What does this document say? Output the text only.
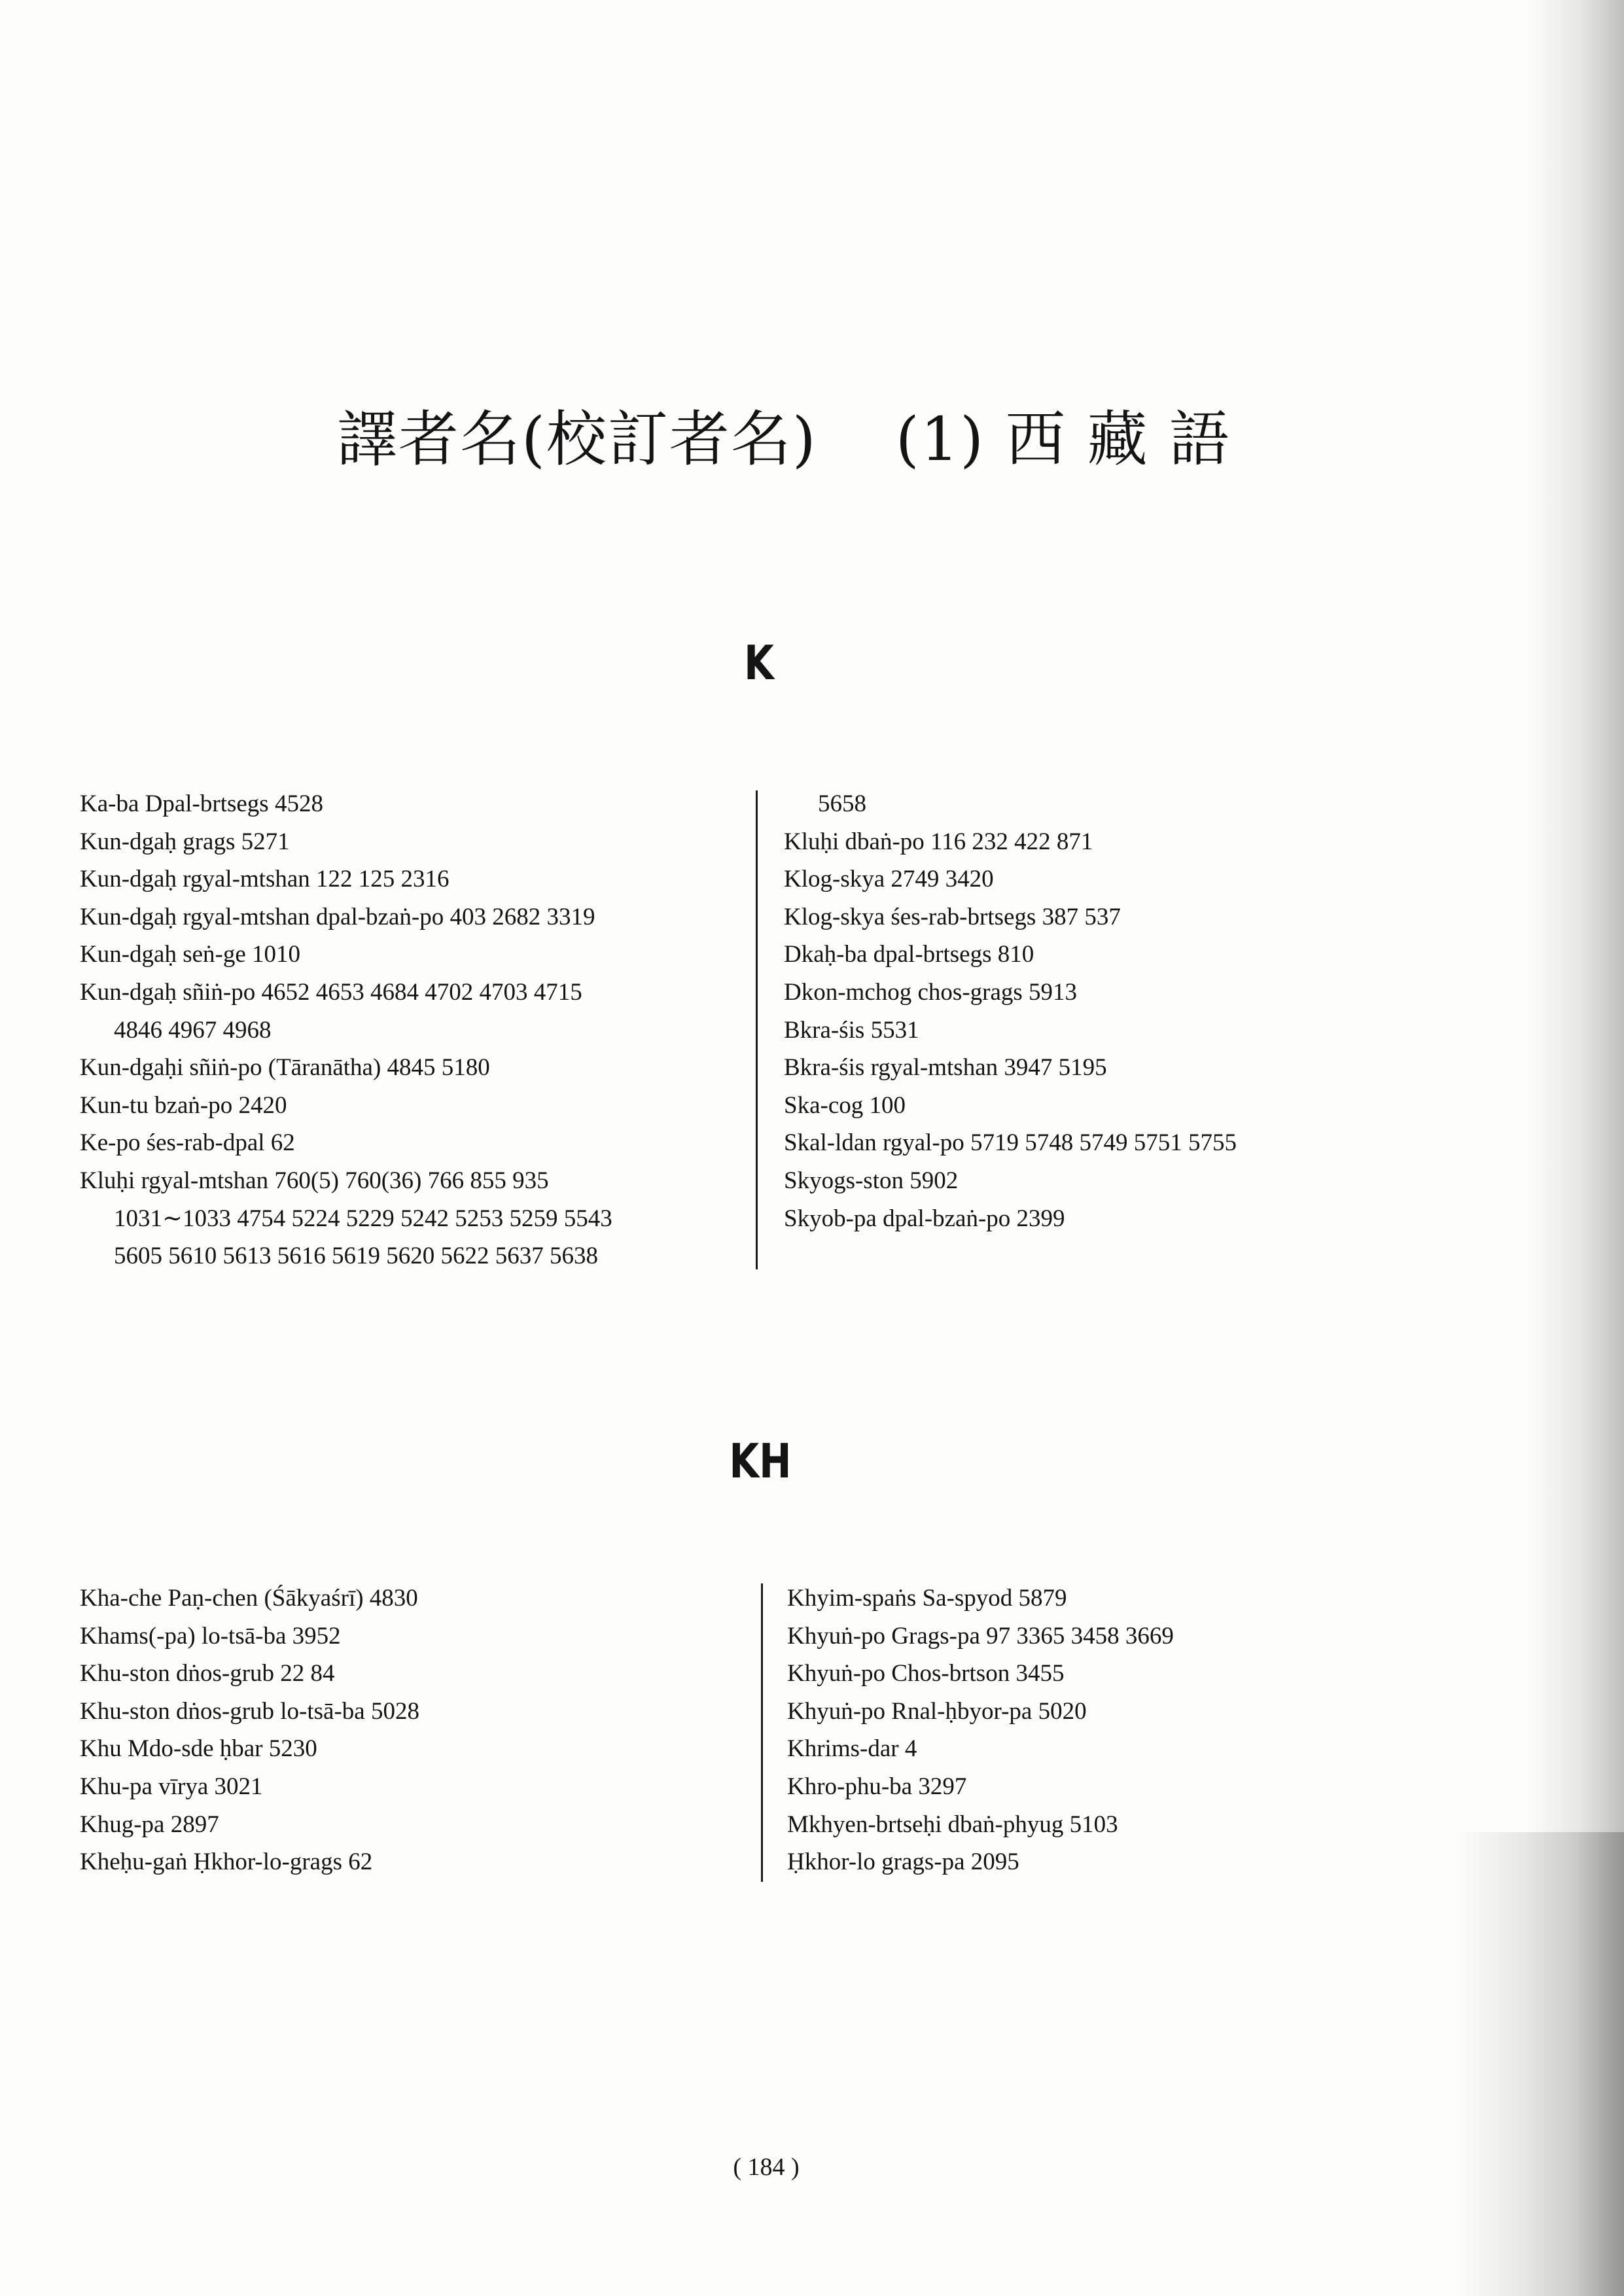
譯者名(校訂者名) (1) 西 藏 語
K
Ka-ba Dpal-brtsegs 4528
Kun-dgaḥ grags 5271
Kun-dgaḥ rgyal-mtshan 122 125 2316
Kun-dgaḥ rgyal-mtshan dpal-bzaṅ-po 403 2682 3319
Kun-dgaḥ seṅ-ge 1010
Kun-dgaḥ sñiṅ-po 4652 4653 4684 4702 4703 4715
4846 4967 4968
Kun-dgaḥi sñiṅ-po (Tāranātha) 4845 5180
Kun-tu bzaṅ-po 2420
Ke-po śes-rab-dpal 62
Kluḥi rgyal-mtshan 760(5) 760(36) 766 855 935
1031∼1033 4754 5224 5229 5242 5253 5259 5543
5605 5610 5613 5616 5619 5620 5622 5637 5638
5658
Kluḥi dbaṅ-po 116 232 422 871
Klog-skya 2749 3420
Klog-skya śes-rab-brtsegs 387 537
Dkaḥ-ba dpal-brtsegs 810
Dkon-mchog chos-grags 5913
Bkra-śis 5531
Bkra-śis rgyal-mtshan 3947 5195
Ska-cog 100
Skal-ldan rgyal-po 5719 5748 5749 5751 5755
Skyogs-ston 5902
Skyob-pa dpal-bzaṅ-po 2399
KH
Kha-che Paṇ-chen (Śākyaśrī) 4830
Khams(-pa) lo-tsā-ba 3952
Khu-ston dṅos-grub 22 84
Khu-ston dṅos-grub lo-tsā-ba 5028
Khu Mdo-sde ḥbar 5230
Khu-pa vīrya 3021
Khug-pa 2897
Kheḥu-gaṅ Ḥkhor-lo-grags 62
Khyim-spaṅs Sa-spyod 5879
Khyuṅ-po Grags-pa 97 3365 3458 3669
Khyuṅ-po Chos-brtson 3455
Khyuṅ-po Rnal-ḥbyor-pa 5020
Khrims-dar 4
Khro-phu-ba 3297
Mkhyen-brtseḥi dbaṅ-phyug 5103
Ḥkhor-lo grags-pa 2095
( 184 )
